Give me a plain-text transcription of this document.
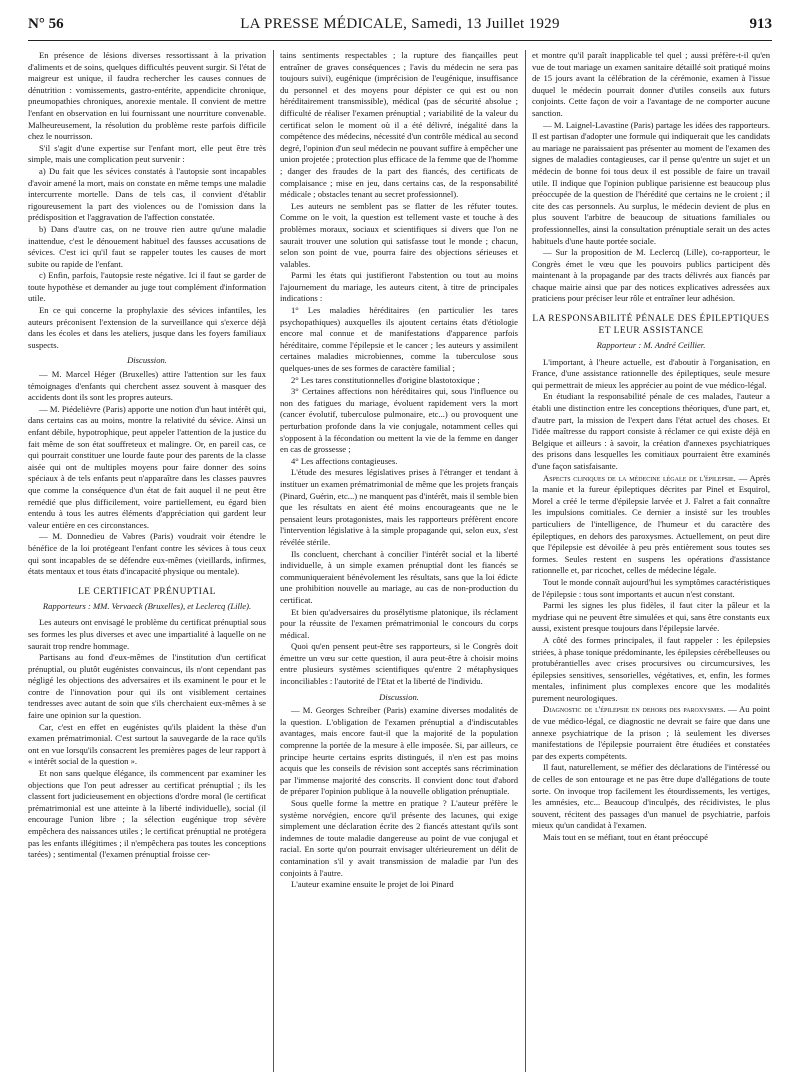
N° 56	LA PRESSE MÉDICALE, Samedi, 13 Juillet 1929	913

En présence de lésions diverses ressortissant à la privation d'aliments et de soins, quelques difficultés peuvent surgir. Si l'état de maigreur est unique, il faudra rechercher les causes connues de dénutrition : vomissements, gastro-entérite, appendicite chronique, pneumopathies chroniques, anorexie mentale. Il convient de mettre l'enfant en observation en lui fournissant une nourriture convenable. Malheureusement, la résolution du problème reste parfois difficile chez le nourrisson.

S'il s'agit d'une expertise sur l'enfant mort, elle peut être très simple, mais une complication peut survenir :

a) Du fait que les sévices constatés à l'autopsie sont incapables d'avoir amené la mort, mais on constate en même temps une maladie intercurrente mortelle. Dans de tels cas, il convient d'établir rigoureusement la part des violences ou de l'omission dans la prédisposition et l'aggravation de l'affection constatée.

b) Dans d'autre cas, on ne trouve rien autre qu'une maladie inattendue, c'est le dénouement habituel des fausses accusations de sévices. C'est ici qu'il faut se rappeler toutes les causes de mort subite ou rapide de l'enfant.

c) Enfin, parfois, l'autopsie reste négative. Ici il faut se garder de toute hypothèse et demander au juge tout complément d'information utile.

En ce qui concerne la prophylaxie des sévices infantiles, les auteurs préconisent l'extension de la surveillance qui s'exerce déjà dans les écoles et dans les ateliers, jusque dans les foyers familiaux suspects.

Discussion.

— M. Marcel Héger (Bruxelles) attire l'attention sur les faux témoignages d'enfants qui cherchent assez souvent à masquer des accidents dont ils sont les propres auteurs.

— M. Piédelièvre (Paris) apporte une notion d'un haut intérêt qui, dans certains cas au moins, montre la relativité du sévice. Ainsi un enfant débile, hypotrophique, peut appeler l'attention de la justice du fait même de son état souffreteux et malingre. Or, en pareil cas, ce qui pourrait constituer une lourde faute pour des parents de la classe aisée qui ont de multiples moyens pour faire donner des soins spéciaux à de tels enfants peut n'apparaître dans les classes pauvres que comme la conséquence d'un état de fait auquel il ne peut être remédié que plus difficilement, voire partiellement, eu égard bien entendu à tous les autres éléments d'appréciation qui gardent leur valeur entière en ces circonstances.

— M. Donnedieu de Vabres (Paris) voudrait voir étendre le bénéfice de la loi protégeant l'enfant contre les sévices à tous ceux qui sont incapables de se défendre eux-mêmes (vieillards, infirmes, états mentaux et tous états d'incapacité physique ou mentale).

LE CERTIFICAT PRÉNUPTIAL

Rapporteurs : MM. Vervaeck (Bruxelles), et Leclercq (Lille).

Les auteurs ont envisagé le problème du certificat prénuptial sous ses formes les plus diverses et avec une impartialité à laquelle on ne saurait trop rendre hommage.

Partisans au fond d'eux-mêmes de l'institution d'un certificat prénuptial, ou plutôt eugénistes convaincus, ils n'ont cependant pas négligé les objections des adversaires et ils examinent le pour et le contre de l'innovation pour qui ils ont visiblement certaines tendresses avec autant de soin que s'ils cherchaient eux-mêmes à se faire une opinion sur la question.

Car, c'est en effet en eugénistes qu'ils plaident la thèse d'un examen prématrimonial. C'est surtout la sauvegarde de la race qu'ils ont en vue lorsqu'ils consacrent les premières pages de leur rapport à « intérêt social de la question ».

Et non sans quelque élégance, ils commencent par examiner les objections que l'on peut adresser au certificat prénuptial ; ils les classent fort judicieusement en objections d'ordre moral (le certificat prématrimonial est une atteinte à la liberté individuelle), social (il encourage l'union libre ; la sélection eugénique trop sévère empêchera des naissances utiles ; le certificat prénuptial ne protégera pas les enfants illégitimes ; il n'empêchera pas toutes les conceptions tarées) ; sentimental (l'examen prénuptial froisse cer-

tains sentiments respectables ; la rupture des fiançailles peut entraîner de graves conséquences ; l'avis du médecin ne sera pas toujours suivi), eugénique (imprécision de l'eugénique, insuffisance du personnel et des moyens pour dépister ce qui est ou non héréditairement transmissible), médical (pas de sécurité absolue ; difficulté de réaliser l'examen prénuptial ; variabilité de la valeur du certificat selon le moment où il a été délivré, inégalité dans la compétence des médecins, nécessité d'un contrôle médical au second degré, l'opinion d'un seul médecin ne pouvant suffire à empêcher une union projetée ; protection plus efficace de la femme que de l'homme ; danger des fraudes de la part des fiancés, des certificats de complaisance ; mise en jeu, dans certains cas, de la responsabilité médicale ; obstacles tenant au secret professionnel).

Les auteurs ne semblent pas se flatter de les réfuter toutes. Comme on le voit, la question est tellement vaste et touche à des problèmes moraux, sociaux et scientifiques si divers que l'on ne saurait trouver une solution qui satisfasse tout le monde ; chacun, selon son point de vue, pourra faire des objections sérieuses et valables.

Parmi les états qui justifieront l'abstention ou tout au moins l'ajournement du mariage, les auteurs citent, à titre de principales indications :

1° Les maladies héréditaires (en particulier les tares psychopathiques) auxquelles ils ajoutent certains états d'étiologie encore mal connue et de manifestations d'apparence parfois héréditaire, comme l'épilepsie et le cancer ; les auteurs y assimilent certaines maladies microbiennes, comme la tuberculose sous quelques-unes de ses formes de caractère familial ;

2° Les tares constitutionnelles d'origine blastotoxique ;

3° Certaines affections non héréditaires qui, sous l'influence ou non des fatigues du mariage, évoluent rapidement vers la mort (cancer évolutif, tuberculose pulmonaire, etc...) ou provoquent une perturbation profonde dans la vie conjugale, notamment celles qui s'opposent à la fécondation ou mettent la vie de la femme en danger en cas de grossesse ;

4° Les affections contagieuses.

L'étude des mesures législatives prises à l'étranger et tendant à instituer un examen prématrimonial de même que les projets français (Pinard, Guérin, etc...) ne manquent pas d'intérêt, mais il semble bien que les résultats en aient été moins encourageants que ne le pensaient leurs protagonistes, mais les rapporteurs préfèrent encore l'intervention législative à la simple propagande qui, selon eux, s'est révélée stérile.

Ils concluent, cherchant à concilier l'intérêt social et la liberté individuelle, à un simple examen prénuptial dont les fiancés se communiqueraient bénévolement les résultats, sans que la loi édicte une prohibition nouvelle au mariage, au cas de non-production du certificat.

Et bien qu'adversaires du prosélytisme platonique, ils réclament pour la réussite de l'examen prématrimonial le concours du corps médical.

Quoi qu'en pensent peut-être ses rapporteurs, si le Congrès doit émettre un vœu sur cette question, il aura peut-être à choisir moins entre plusieurs systèmes scientifiques qu'entre 2 métaphysiques inconciliables : l'autorité de l'Etat et la liberté de l'individu.

Discussion.

— M. Georges Schreiber (Paris) examine diverses modalités de la question. L'obligation de l'examen prénuptial a d'indiscutables avantages, mais encore faut-il que la majorité de la population comprenne la portée de la mesure à elle imposée. Si, par ailleurs, ce principe heurte certains esprits distingués, il n'en est pas moins acquis que les conseils de révision sont acceptés sans récrimination par l'immense majorité des conscrits. Il convient donc tout d'abord de préparer l'opinion publique à la nouvelle obligation prénuptiale.

Sous quelle forme la mettre en pratique ? L'auteur préfère le système norvégien, encore qu'il présente des lacunes, qui exige simplement une déclaration écrite des 2 fiancés attestant qu'ils sont indemnes de toute maladie dangereuse au point de vue conjugal et racial. En sorte qu'on pourrait envisager ultérieurement un délit de contamination s'il y avait transmission de maladie par l'un des conjoints à l'autre.

L'auteur examine ensuite le projet de loi Pinard

et montre qu'il paraît inapplicable tel quel ; aussi préfère-t-il qu'en vue de tout mariage un examen sanitaire détaillé soit pratiqué moins de 15 jours avant la célébration de la cérémonie, examen à l'issue duquel le médecin pourrait donner d'utiles conseils aux futurs conjoints. Cette façon de voir a l'avantage de ne comporter aucune sanction.

— M. Laignel-Lavastine (Paris) partage les idées des rapporteurs. Il est partisan d'adopter une formule qui indiquerait que les candidats au mariage ne paraissaient pas présenter au moment de l'examen des signes de maladies contagieuses, car il pense qu'entre un sujet et un médecin de bonne foi tous deux il est possible de faire un travail utile. Il indique que l'opinion publique parisienne est beaucoup plus préoccupée de la question de l'hérédité que certains ne le croient ; il cite des cas personnels. Au surplus, le médecin devient de plus en plus souvent l'arbitre de beaucoup de situations familiales ou professionnelles, ainsi la consultation prénuptiale serait un des actes habituels d'une haute portée sociale.

— Sur la proposition de M. Leclercq (Lille), co-rapporteur, le Congrès émet le vœu que les pouvoirs publics participent dès maintenant à la propagande par des tracts délivrés aux fiancés par chaque mairie ainsi que par des notices explicatives adressées aux praticiens pour préciser leur rôle et entraîner leur adhésion.

LA RESPONSABILITÉ PÉNALE DES ÉPILEPTIQUES ET LEUR ASSISTANCE

Rapporteur : M. André Ceillier.

L'important, à l'heure actuelle, est d'aboutir à l'organisation, en France, d'une assistance rationnelle des épileptiques, seule mesure qui permettrait de mieux les apprécier au point de vue médico-légal.

En étudiant la responsabilité pénale de ces malades, l'auteur a établi une distinction entre les conceptions théoriques, d'une part, et, d'autre part, la mission de l'expert dans l'état actuel des choses. Et l'idée maîtresse du rapport consiste à réclamer ce qui existe déjà en Belgique et ailleurs : à savoir, la création d'annexes psychiatriques des prisons dans lesquelles les comitiaux pourraient être examinés d'une façon satisfaisante.

Aspects cliniques de la médecine légale de l'épilepsie. — Après la manie et la fureur épileptiques décrites par Pinel et Esquirol, Morel a créé le terme d'épilepsie larvée et J. Falret a fait connaître les impulsions comitiales. Ce dernier a insisté sur les troubles particuliers de l'intelligence, de l'humeur et du caractère des épileptiques, en dehors des paroxysmes. Actuellement, on peut dire que l'épilepsie est dévoilée à peu près entièrement sous toutes ses formes. Seules restent en suspens les opérations d'assistance rationnelle et, par ricochet, celles de médecine légale.

Tout le monde connaît aujourd'hui les symptômes caractéristiques de l'épilepsie : tous sont importants et aucun n'est constant.

Parmi les signes les plus fidèles, il faut citer la pâleur et la mydriase qui ne peuvent être simulées et qui, sans être constants eux aussi, existent presque toujours dans l'épilepsie larvée.

A côté des formes principales, il faut rappeler : les épilepsies striées, à phase tonique prédominante, les épilepsies cérébelleuses ou protubérantielles avec crises procursives ou circumcursives, les épilepsies sensitives, sensorielles, végétatives, et, enfin, les formes mentales, infiniment plus complexes encore que les modalités purement neurologiques.

Diagnostic de l'épilepsie en dehors des paroxysmes. — Au point de vue médico-légal, ce diagnostic ne devrait se faire que dans une annexe psychiatrique de la prison ; là seulement les diverses manifestations de l'épilepsie pourraient être étudiées et constatées par des experts compétents.

Il faut, naturellement, se méfier des déclarations de l'intéressé ou de celles de son entourage et ne pas être dupe d'allégations de toute sorte. On invoque trop facilement les étourdissements, les vertiges, les amnésies, etc... Beaucoup d'inculpés, des récidivistes, le plus souvent, récitent des passages d'un manuel de psychiatrie, parfois mieux qu'un candidat à l'examen.

Mais tout en se méfiant, tout en étant préoccupé
